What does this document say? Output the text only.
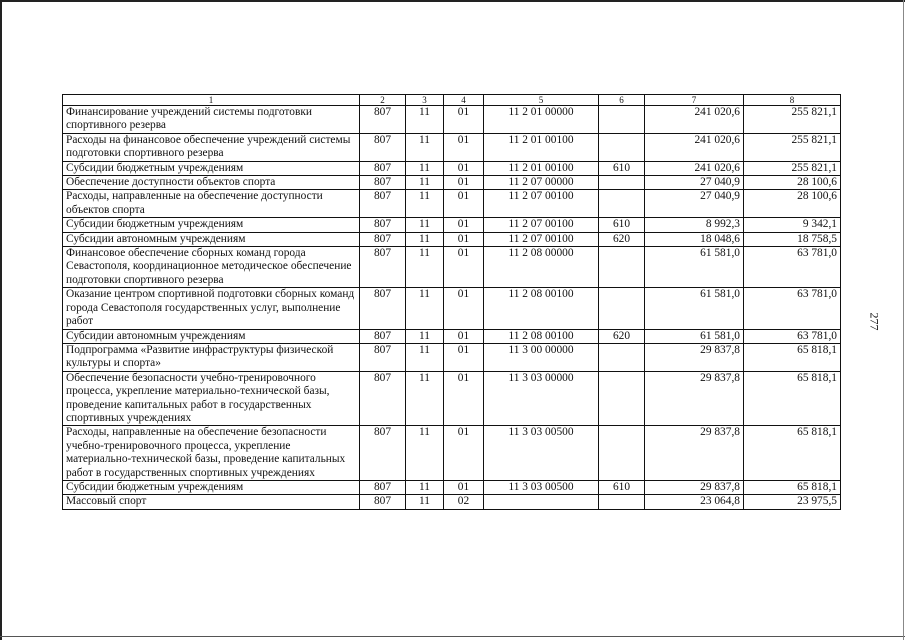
1	2	3	4	5	6	7	8
Финансирование учреждений системы подготовки спортивного резерва	807	11	01	11 2 01 00000		241 020,6	255 821,1
Расходы на финансовое обеспечение учреждений системы подготовки спортивного резерва	807	11	01	11 2 01 00100		241 020,6	255 821,1
Субсидии бюджетным учреждениям	807	11	01	11 2 01 00100	610	241 020,6	255 821,1
Обеспечение доступности объектов спорта	807	11	01	11 2 07 00000		27 040,9	28 100,6
Расходы, направленные на обеспечение доступности объектов спорта	807	11	01	11 2 07 00100		27 040,9	28 100,6
Субсидии бюджетным учреждениям	807	11	01	11 2 07 00100	610	8 992,3	9 342,1
Субсидии автономным учреждениям	807	11	01	11 2 07 00100	620	18 048,6	18 758,5
Финансовое обеспечение сборных команд города Севастополя, координационное методическое обеспечение подготовки спортивного резерва	807	11	01	11 2 08 00000		61 581,0	63 781,0
Оказание центром спортивной подготовки сборных команд города Севастополя государственных услуг, выполнение работ	807	11	01	11 2 08 00100		61 581,0	63 781,0
Субсидии автономным учреждениям	807	11	01	11 2 08 00100	620	61 581,0	63 781,0
Подпрограмма «Развитие инфраструктуры физической культуры и спорта»	807	11	01	11 3 00 00000		29 837,8	65 818,1
Обеспечение безопасности учебно-тренировочного процесса, укрепление материально-технической базы, проведение капитальных работ в государственных спортивных учреждениях	807	11	01	11 3 03 00000		29 837,8	65 818,1
Расходы, направленные на обеспечение безопасности учебно-тренировочного процесса, укрепление материально-технической базы, проведение капитальных работ в государственных спортивных учреждениях	807	11	01	11 3 03 00500		29 837,8	65 818,1
Субсидии бюджетным учреждениям	807	11	01	11 3 03 00500	610	29 837,8	65 818,1
Массовый спорт	807	11	02			23 064,8	23 975,5
277
